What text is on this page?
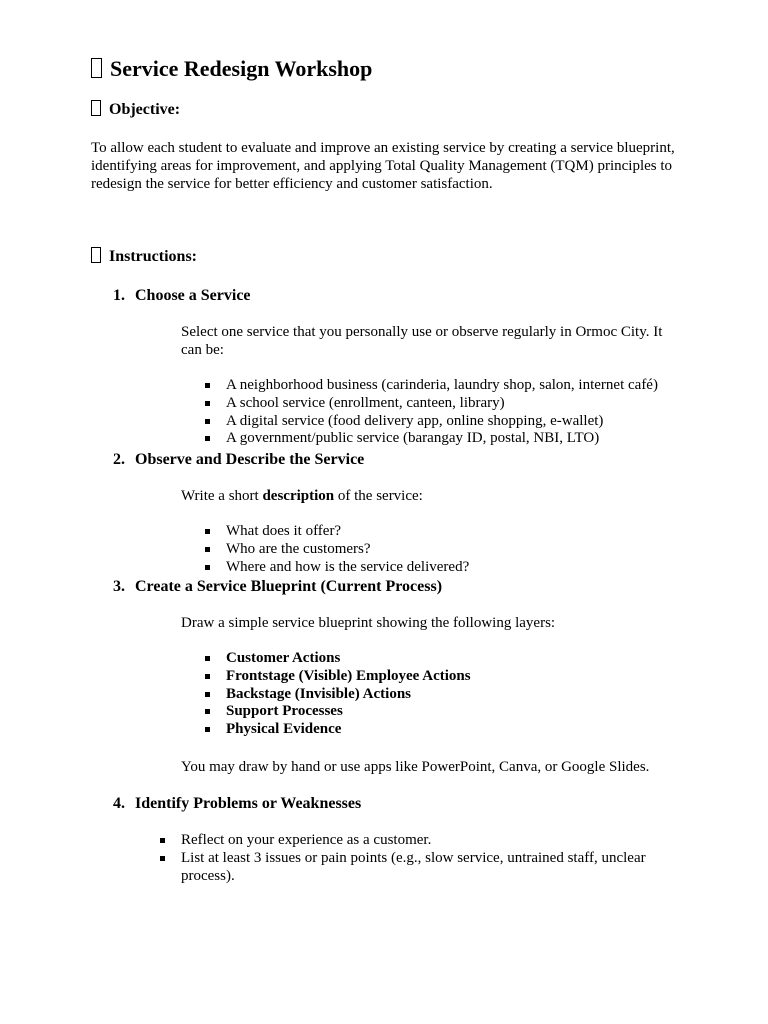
Service Redesign Workshop
Objective:

To allow each student to evaluate and improve an existing service by creating a service blueprint, identifying areas for improvement, and applying Total Quality Management (TQM) principles to redesign the service for better efficiency and customer satisfaction.

Instructions:
1. Choose a Service

Select one service that you personally use or observe regularly in Ormoc City. It can be:

A neighborhood business (carinderia, laundry shop, salon, internet café)
A school service (enrollment, canteen, library)
A digital service (food delivery app, online shopping, e-wallet)
A government/public service (barangay ID, postal, NBI, LTO)
2. Observe and Describe the Service

Write a short description of the service:

What does it offer?
Who are the customers?
Where and how is the service delivered?
3. Create a Service Blueprint (Current Process)

Draw a simple service blueprint showing the following layers:

Customer Actions
Frontstage (Visible) Employee Actions
Backstage (Invisible) Actions
Support Processes
Physical Evidence

You may draw by hand or use apps like PowerPoint, Canva, or Google Slides.

4. Identify Problems or Weaknesses
Reflect on your experience as a customer.
List at least 3 issues or pain points (e.g., slow service, untrained staff, unclear process).
